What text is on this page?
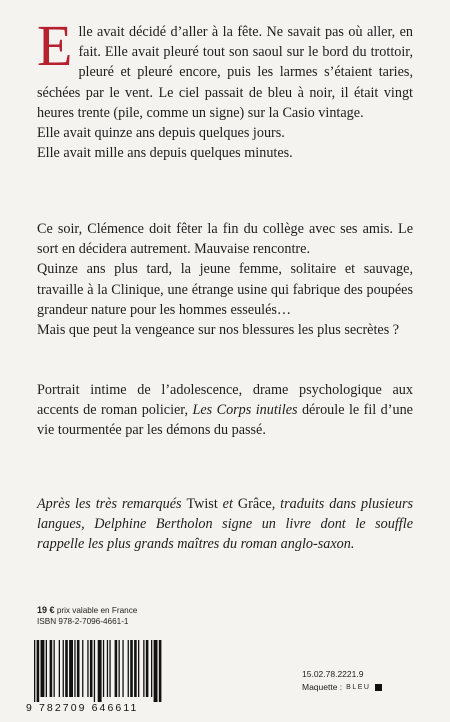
E lle avait décidé d’aller à la fête. Ne savait pas où aller, en fait. Elle avait pleuré tout son saoul sur le bord du trottoir, pleuré et pleuré encore, puis les larmes s’étaient taries, séchées par le vent. Le ciel passait de bleu à noir, il était vingt heures trente (pile, comme un signe) sur la Casio vintage.

Elle avait quinze ans depuis quelques jours.

Elle avait mille ans depuis quelques minutes.

Ce soir, Clémence doit fêter la fin du collège avec ses amis. Le sort en décidera autrement. Mauvaise rencontre.

Quinze ans plus tard, la jeune femme, solitaire et sauvage, travaille à la Clinique, une étrange usine qui fabrique des poupées grandeur nature pour les hommes esseulés…

Mais que peut la vengeance sur nos blessures les plus secrètes ?

Portrait intime de l’adolescence, drame psychologique aux accents de roman policier, Les Corps inutiles déroule le fil d’une vie tourmentée par les démons du passé.

Après les très remarqués Twist et Grâce, traduits dans plusieurs langues, Delphine Bertholon signe un livre dont le souffle rappelle les plus grands maîtres du roman anglo-saxon.

19 € prix valable en France
ISBN 978-2-7096-4661-1
9 782709 646611
15.02.78.2221.9
Maquette : BLEU
